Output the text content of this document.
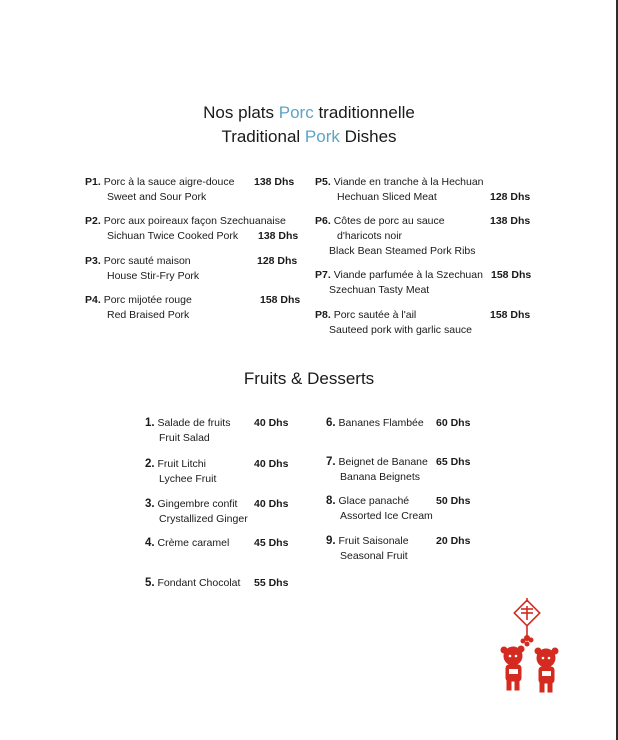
Nos plats Porc traditionnelle
Traditional Pork Dishes
P1. Porc à la sauce aigre-douce
Sweet and Sour Pork
138 Dhs
P2. Porc aux poireaux façon Szechuanaise
Sichuan Twice Cooked Pork	138 Dhs
P3. Porc sauté maison
House Stir-Fry Pork
128 Dhs
P4. Porc mijotée rouge
Red Braised Pork
158 Dhs
P5. Viande en tranche à la Hechuan
Hechuan Sliced Meat	128 Dhs
P6. Côtes de porc au sauce
d'haricots noir
Black Bean Steamed Pork Ribs
138 Dhs
P7. Viande parfumée à la Szechuan
Szechuan Tasty Meat
158 Dhs
P8. Porc sautée à l'ail
Sauteed pork with garlic sauce
158 Dhs
Fruits & Desserts
1. Salade de fruits
Fruit Salad
40 Dhs
2. Fruit Litchi
Lychee Fruit
40 Dhs
3. Gingembre confit
Crystallized Ginger
40 Dhs
4. Crème caramel 45 Dhs
5. Fondant Chocolat 55 Dhs
6. Bananes Flambée 60 Dhs
7. Beignet de Banane
Banana Beignets
65 Dhs
8. Glace panaché
Assorted Ice Cream
50 Dhs
9. Fruit Saisonale
Seasonal Fruit
20 Dhs
